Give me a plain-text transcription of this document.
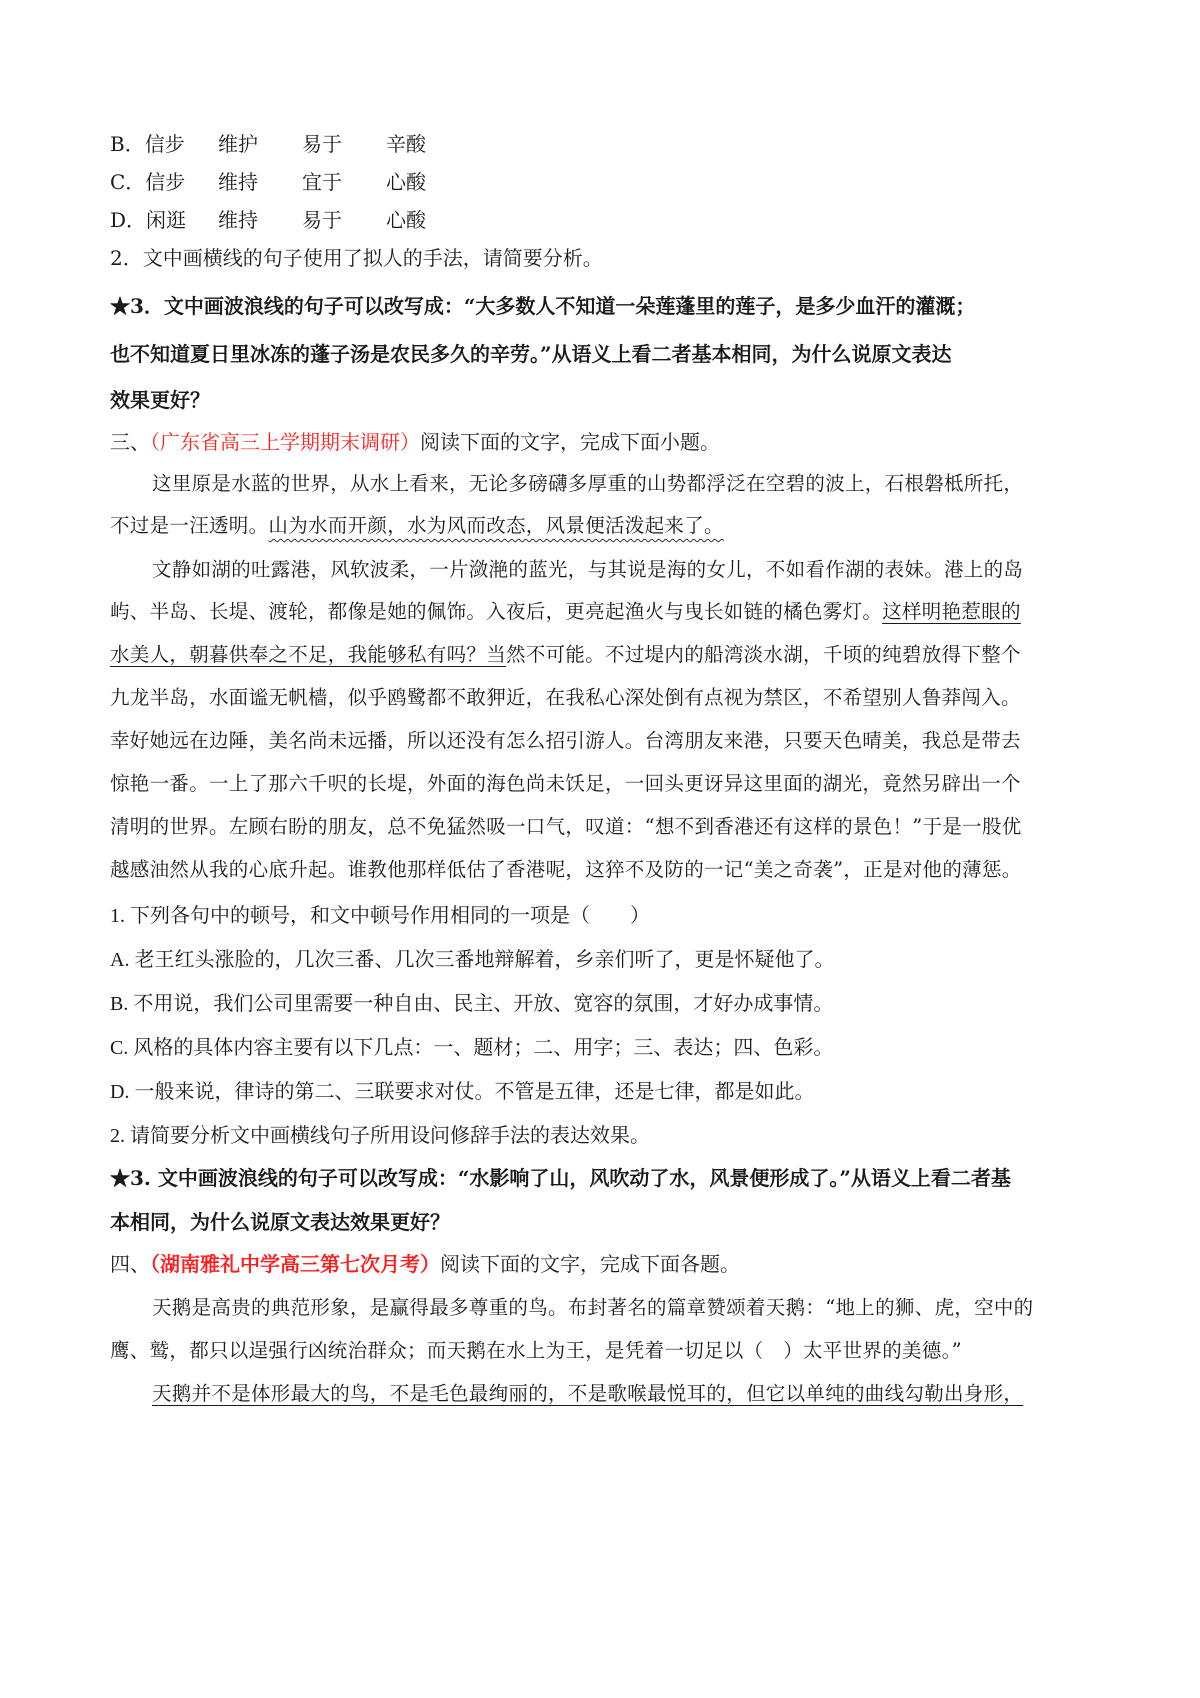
B．信步 维护 易于 辛酸
C．信步 维持 宜于 心酸
D．闲逛 维持 易于 心酸
2．文中画横线的句子使用了拟人的手法，请简要分析。
★3．文中画波浪线的句子可以改写成：“大多数人不知道一朵莲蓬里的莲子，是多少血汗的灌溉；
也不知道夏日里冰冻的蓬子汤是农民多久的辛劳。”从语义上看二者基本相同，为什么说原文表达
效果更好？
三、（广东省高三上学期期末调研）阅读下面的文字，完成下面小题。
这里原是水蓝的世界，从水上看来，无论多磅礴多厚重的山势都浮泛在空碧的波上，石根磐柢所托，
不过是一汪透明。山为水而开颜，水为风而改态，风景便活泼起来了。
文静如湖的吐露港，风软波柔，一片潋滟的蓝光，与其说是海的女儿，不如看作湖的表妹。港上的岛
屿、半岛、长堤、渡轮，都像是她的佩饰。入夜后，更亮起渔火与曳长如链的橘色雾灯。这样明艳惹眼的
水美人，朝暮供奉之不足，我能够私有吗？当然不可能。不过堤内的船湾淡水湖，千顷的纯碧放得下整个
九龙半岛，水面谧无帆樯，似乎鸥鹭都不敢狎近，在我私心深处倒有点视为禁区，不希望别人鲁莽闯入。
幸好她远在边陲，美名尚未远播，所以还没有怎么招引游人。台湾朋友来港，只要天色晴美，我总是带去
惊艳一番。一上了那六千呎的长堤，外面的海色尚未饫足，一回头更讶异这里面的湖光，竟然另辟出一个
清明的世界。左顾右盼的朋友，总不免猛然吸一口气，叹道：“想不到香港还有这样的景色！”于是一股优
越感油然从我的心底升起。谁教他那样低估了香港呢，这猝不及防的一记“美之奇袭”，正是对他的薄惩。
1. 下列各句中的顿号，和文中顿号作用相同的一项是（　　）
A. 老王红头涨脸的，几次三番、几次三番地辩解着，乡亲们听了，更是怀疑他了。
B. 不用说，我们公司里需要一种自由、民主、开放、宽容的氛围，才好办成事情。
C. 风格的具体内容主要有以下几点：一、题材；二、用字；三、表达；四、色彩。
D. 一般来说，律诗的第二、三联要求对仗。不管是五律，还是七律，都是如此。
2. 请简要分析文中画横线句子所用设问修辞手法的表达效果。
★3. 文中画波浪线的句子可以改写成：“水影响了山，风吹动了水，风景便形成了。”从语义上看二者基
本相同，为什么说原文表达效果更好？
四、（湖南雅礼中学高三第七次月考）阅读下面的文字，完成下面各题。
天鹅是高贵的典范形象，是赢得最多尊重的鸟。布封著名的篇章赞颂着天鹅：“地上的狮、虎，空中的
鹰、鹫，都只以逞强行凶统治群众；而天鹅在水上为王，是凭着一切足以（　）太平世界的美德。”
天鹅并不是体形最大的鸟，不是毛色最绚丽的，不是歌喉最悦耳的，但它以单纯的曲线勾勒出身形，
